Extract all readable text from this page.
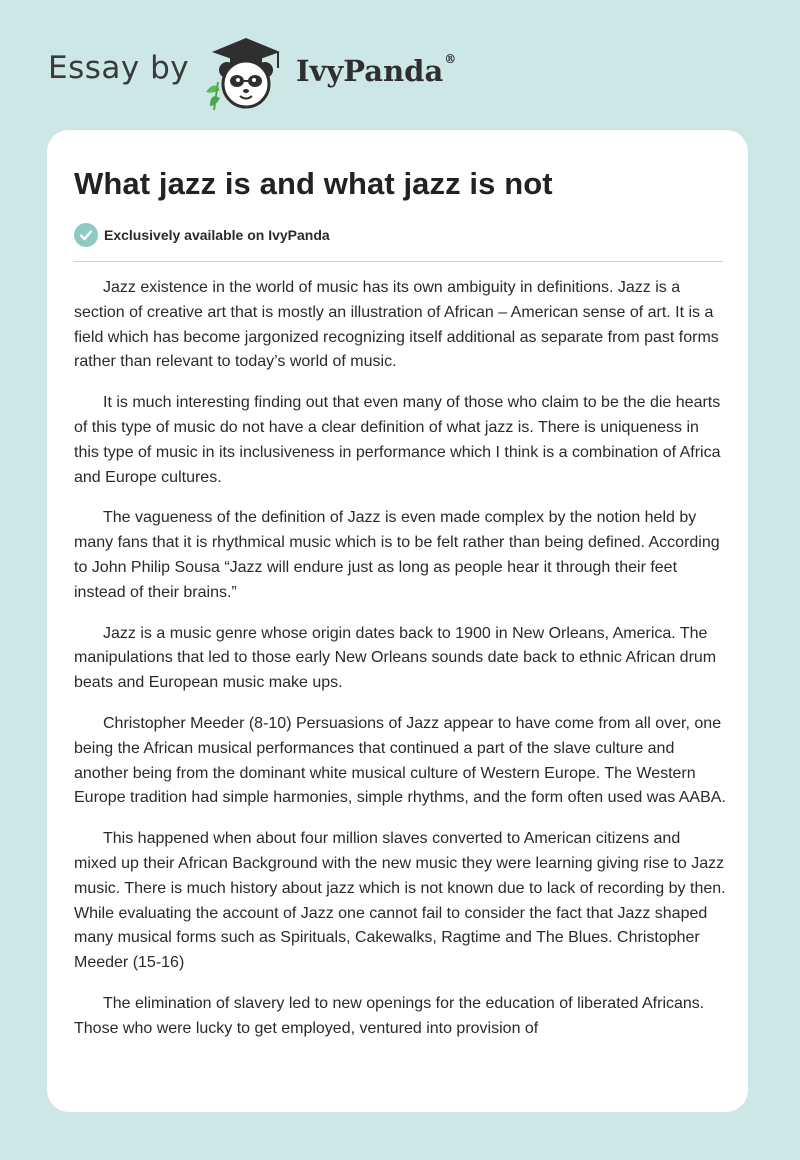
Essay by	IvyPanda®
What jazz is and what jazz is not
Exclusively available on IvyPanda

Jazz existence in the world of music has its own ambiguity in definitions. Jazz is a section of creative art that is mostly an illustration of African – American sense of art. It is a field which has become jargonized recognizing itself additional as separate from past forms rather than relevant to today’s world of music.

It is much interesting finding out that even many of those who claim to be the die hearts of this type of music do not have a clear definition of what jazz is. There is uniqueness in this type of music in its inclusiveness in performance which I think is a combination of Africa and Europe cultures.

The vagueness of the definition of Jazz is even made complex by the notion held by many fans that it is rhythmical music which is to be felt rather than being defined. According to John Philip Sousa “Jazz will endure just as long as people hear it through their feet instead of their brains.”

Jazz is a music genre whose origin dates back to 1900 in New Orleans, America. The manipulations that led to those early New Orleans sounds date back to ethnic African drum beats and European music make ups.

Christopher Meeder (8-10) Persuasions of Jazz appear to have come from all over, one being the African musical performances that continued a part of the slave culture and another being from the dominant white musical culture of Western Europe. The Western Europe tradition had simple harmonies, simple rhythms, and the form often used was AABA.

This happened when about four million slaves converted to American citizens and mixed up their African Background with the new music they were learning giving rise to Jazz music. There is much history about jazz which is not known due to lack of recording by then. While evaluating the account of Jazz one cannot fail to consider the fact that Jazz shaped many musical forms such as Spirituals, Cakewalks, Ragtime and The Blues. Christopher Meeder (15-16)

The elimination of slavery led to new openings for the education of liberated Africans. Those who were lucky to get employed, ventured into provision of
